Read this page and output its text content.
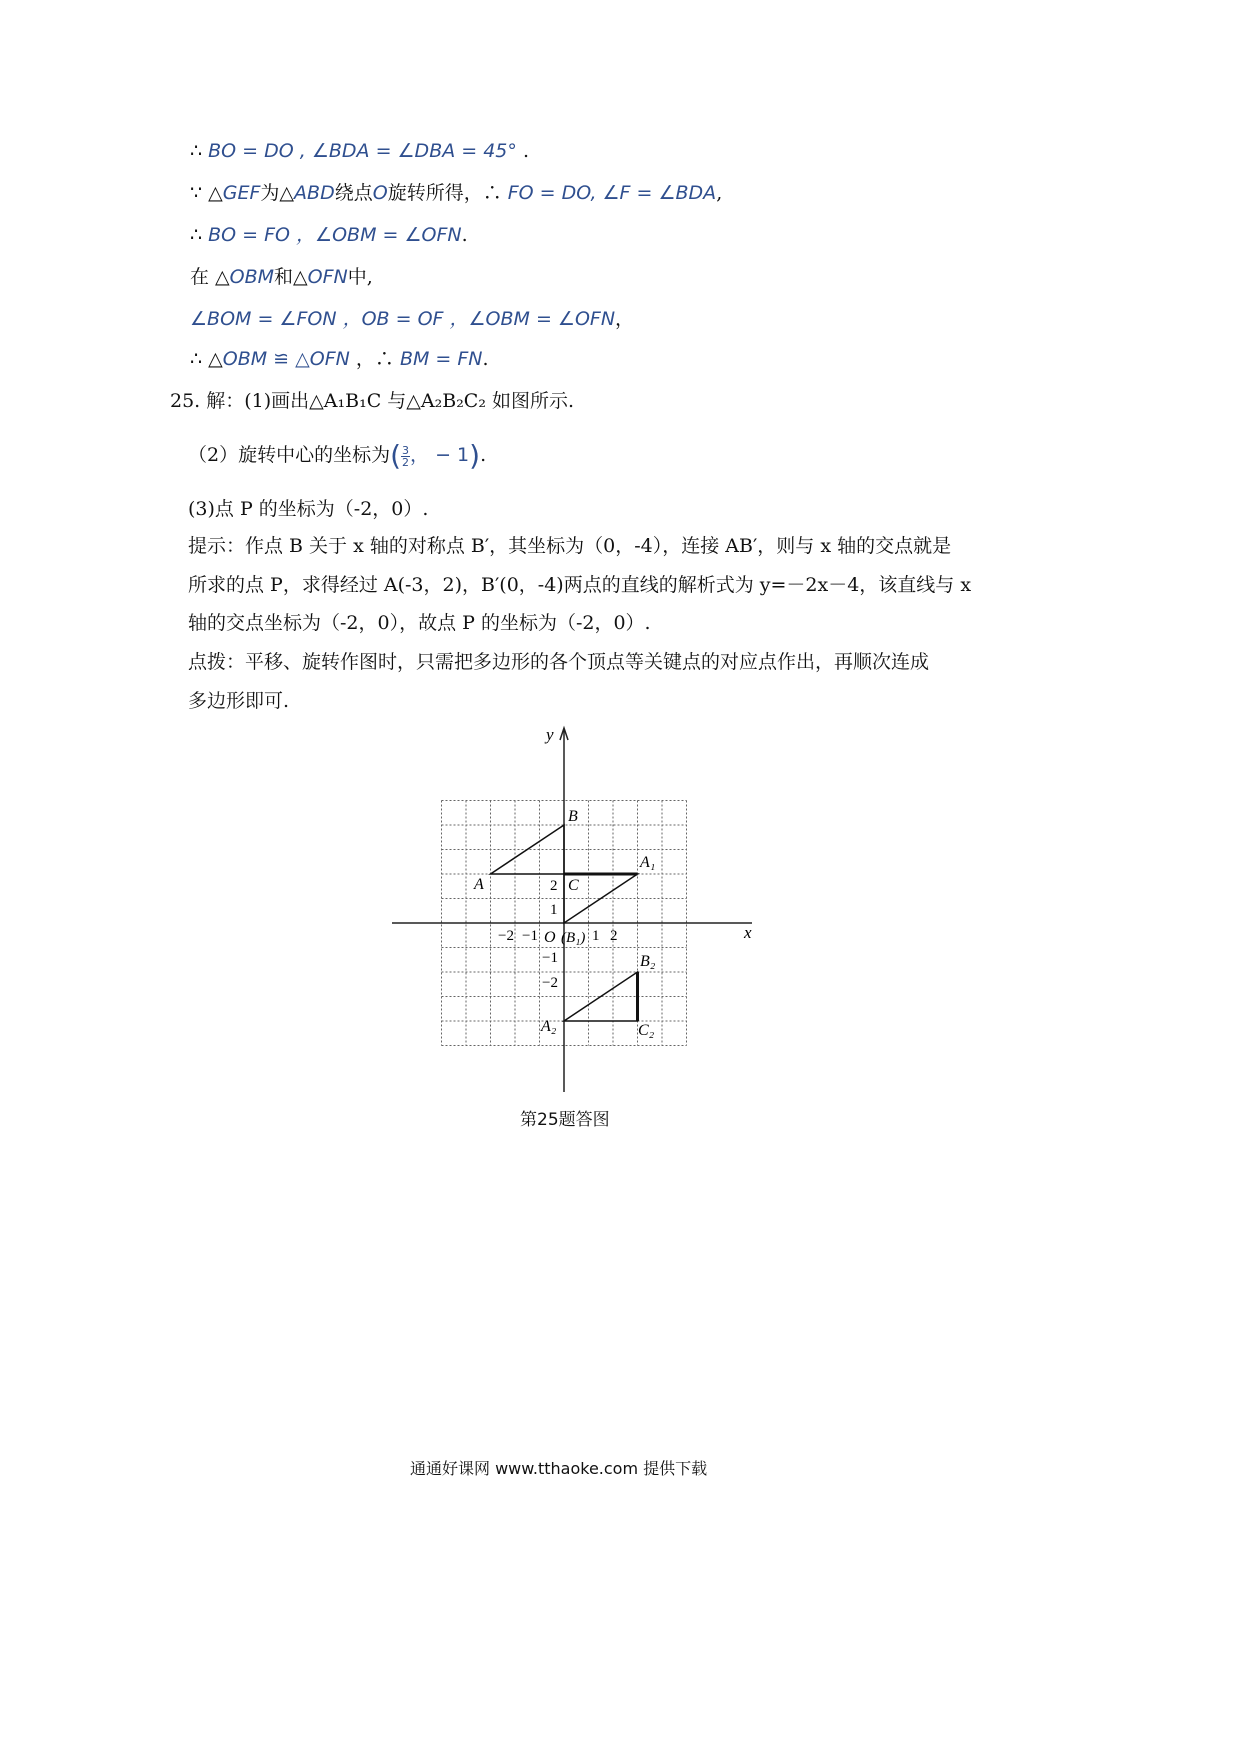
∴ BO = DO , ∠BDA = ∠DBA = 45° .
∵ △GEF为△ABD绕点O旋转所得，∴ FO = DO, ∠F = ∠BDA,
∴ BO = FO ，∠OBM = ∠OFN.
在 △OBM和△OFN中,
∠BOM = ∠FON ，OB = OF ，∠OBM = ∠OFN，
∴ △OBM ≌ △OFN ，∴ BM = FN.
25. 解：(1)画出△A₁B₁C 与△A₂B₂C₂ 如图所示.
（2）旋转中心的坐标为( $\frac{3}{2}$ ， − 1).
(3)点 P 的坐标为（-2，0）.
提示：作点 B 关于 x 轴的对称点 B′，其坐标为（0，-4），连接 AB′，则与 x 轴的交点就是
所求的点 P，求得经过 A(-3，2)，B′(0，-4)两点的直线的解析式为 y=－2x－4，该直线与 x
轴的交点坐标为（-2，0），故点 P 的坐标为（-2，0）.
点拨：平移、旋转作图时，只需把多边形的各个顶点等关键点的对应点作出，再顺次连成
多边形即可.
x
y
O
−2 −1	1 2
2
1
−1
−2
B
A	C
A₁
(B₁)
B₂
A₂	C₂
第25题答图
通通好课网 www.tthaoke.com 提供下载
